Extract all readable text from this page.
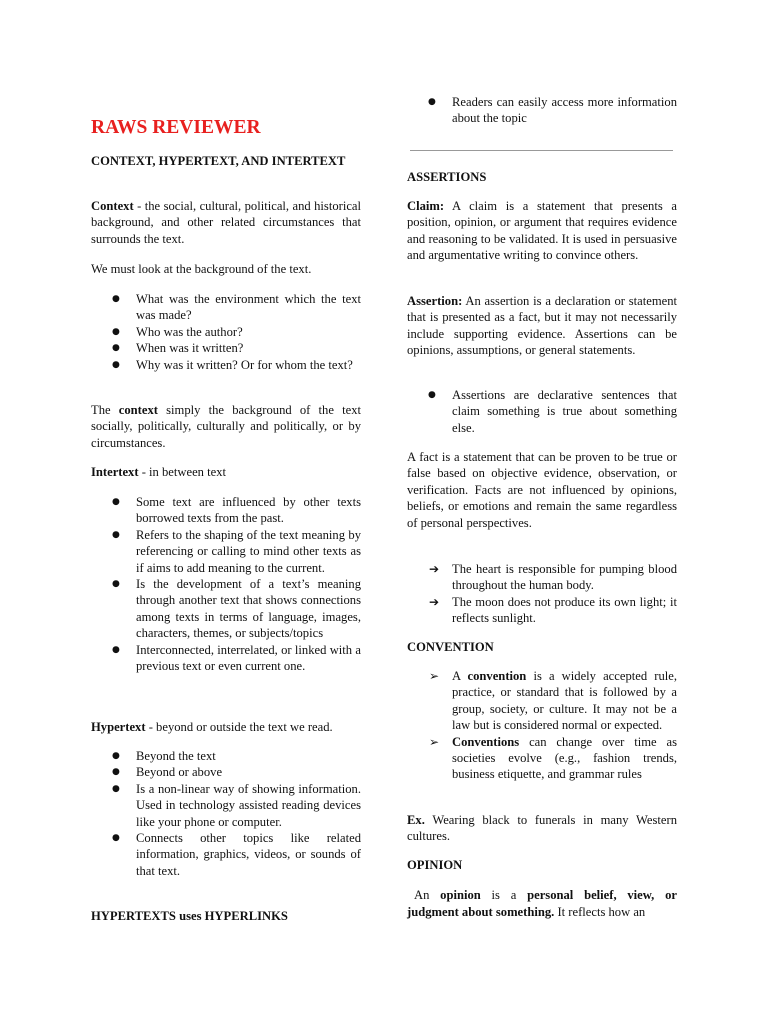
RAWS REVIEWER

CONTEXT, HYPERTEXT, AND INTERTEXT

Context - the social, cultural, political, and historical background, and other related circumstances that surrounds the text.

We must look at the background of the text.

● What was the environment which the text was made?
● Who was the author?
● When was it written?
● Why was it written? Or for whom the text?

The context simply the background of the text socially, politically, culturally and politically, or by circumstances.

Intertext - in between text

● Some text are influenced by other texts borrowed texts from the past.
● Refers to the shaping of the text meaning by referencing or calling to mind other texts as if aims to add meaning to the current.
● Is the development of a text’s meaning through another text that shows connections among texts in terms of language, images, characters, themes, or subjects/topics
● Interconnected, interrelated, or linked with a previous text or even current one.

Hypertext - beyond or outside the text we read.

● Beyond the text
● Beyond or above
● Is a non-linear way of showing information. Used in technology assisted reading devices like your phone or computer.
● Connects other topics like related information, graphics, videos, or sounds of that text.

HYPERTEXTS uses HYPERLINKS

● Readers can easily access more information about the topic

ASSERTIONS

Claim: A claim is a statement that presents a position, opinion, or argument that requires evidence and reasoning to be validated. It is used in persuasive and argumentative writing to convince others.

Assertion: An assertion is a declaration or statement that is presented as a fact, but it may not necessarily include supporting evidence. Assertions can be opinions, assumptions, or general statements.

● Assertions are declarative sentences that claim something is true about something else.

A fact is a statement that can be proven to be true or false based on objective evidence, observation, or verification. Facts are not influenced by opinions, beliefs, or emotions and remain the same regardless of personal perspectives.

➔ The heart is responsible for pumping blood throughout the human body.
➔ The moon does not produce its own light; it reflects sunlight.

CONVENTION

➢ A convention is a widely accepted rule, practice, or standard that is followed by a group, society, or culture. It may not be a law but is considered normal or expected.
➢ Conventions can change over time as societies evolve (e.g., fashion trends, business etiquette, and grammar rules

Ex. Wearing black to funerals in many Western cultures.

OPINION

An opinion is a personal belief, view, or judgment about something. It reflects how an
